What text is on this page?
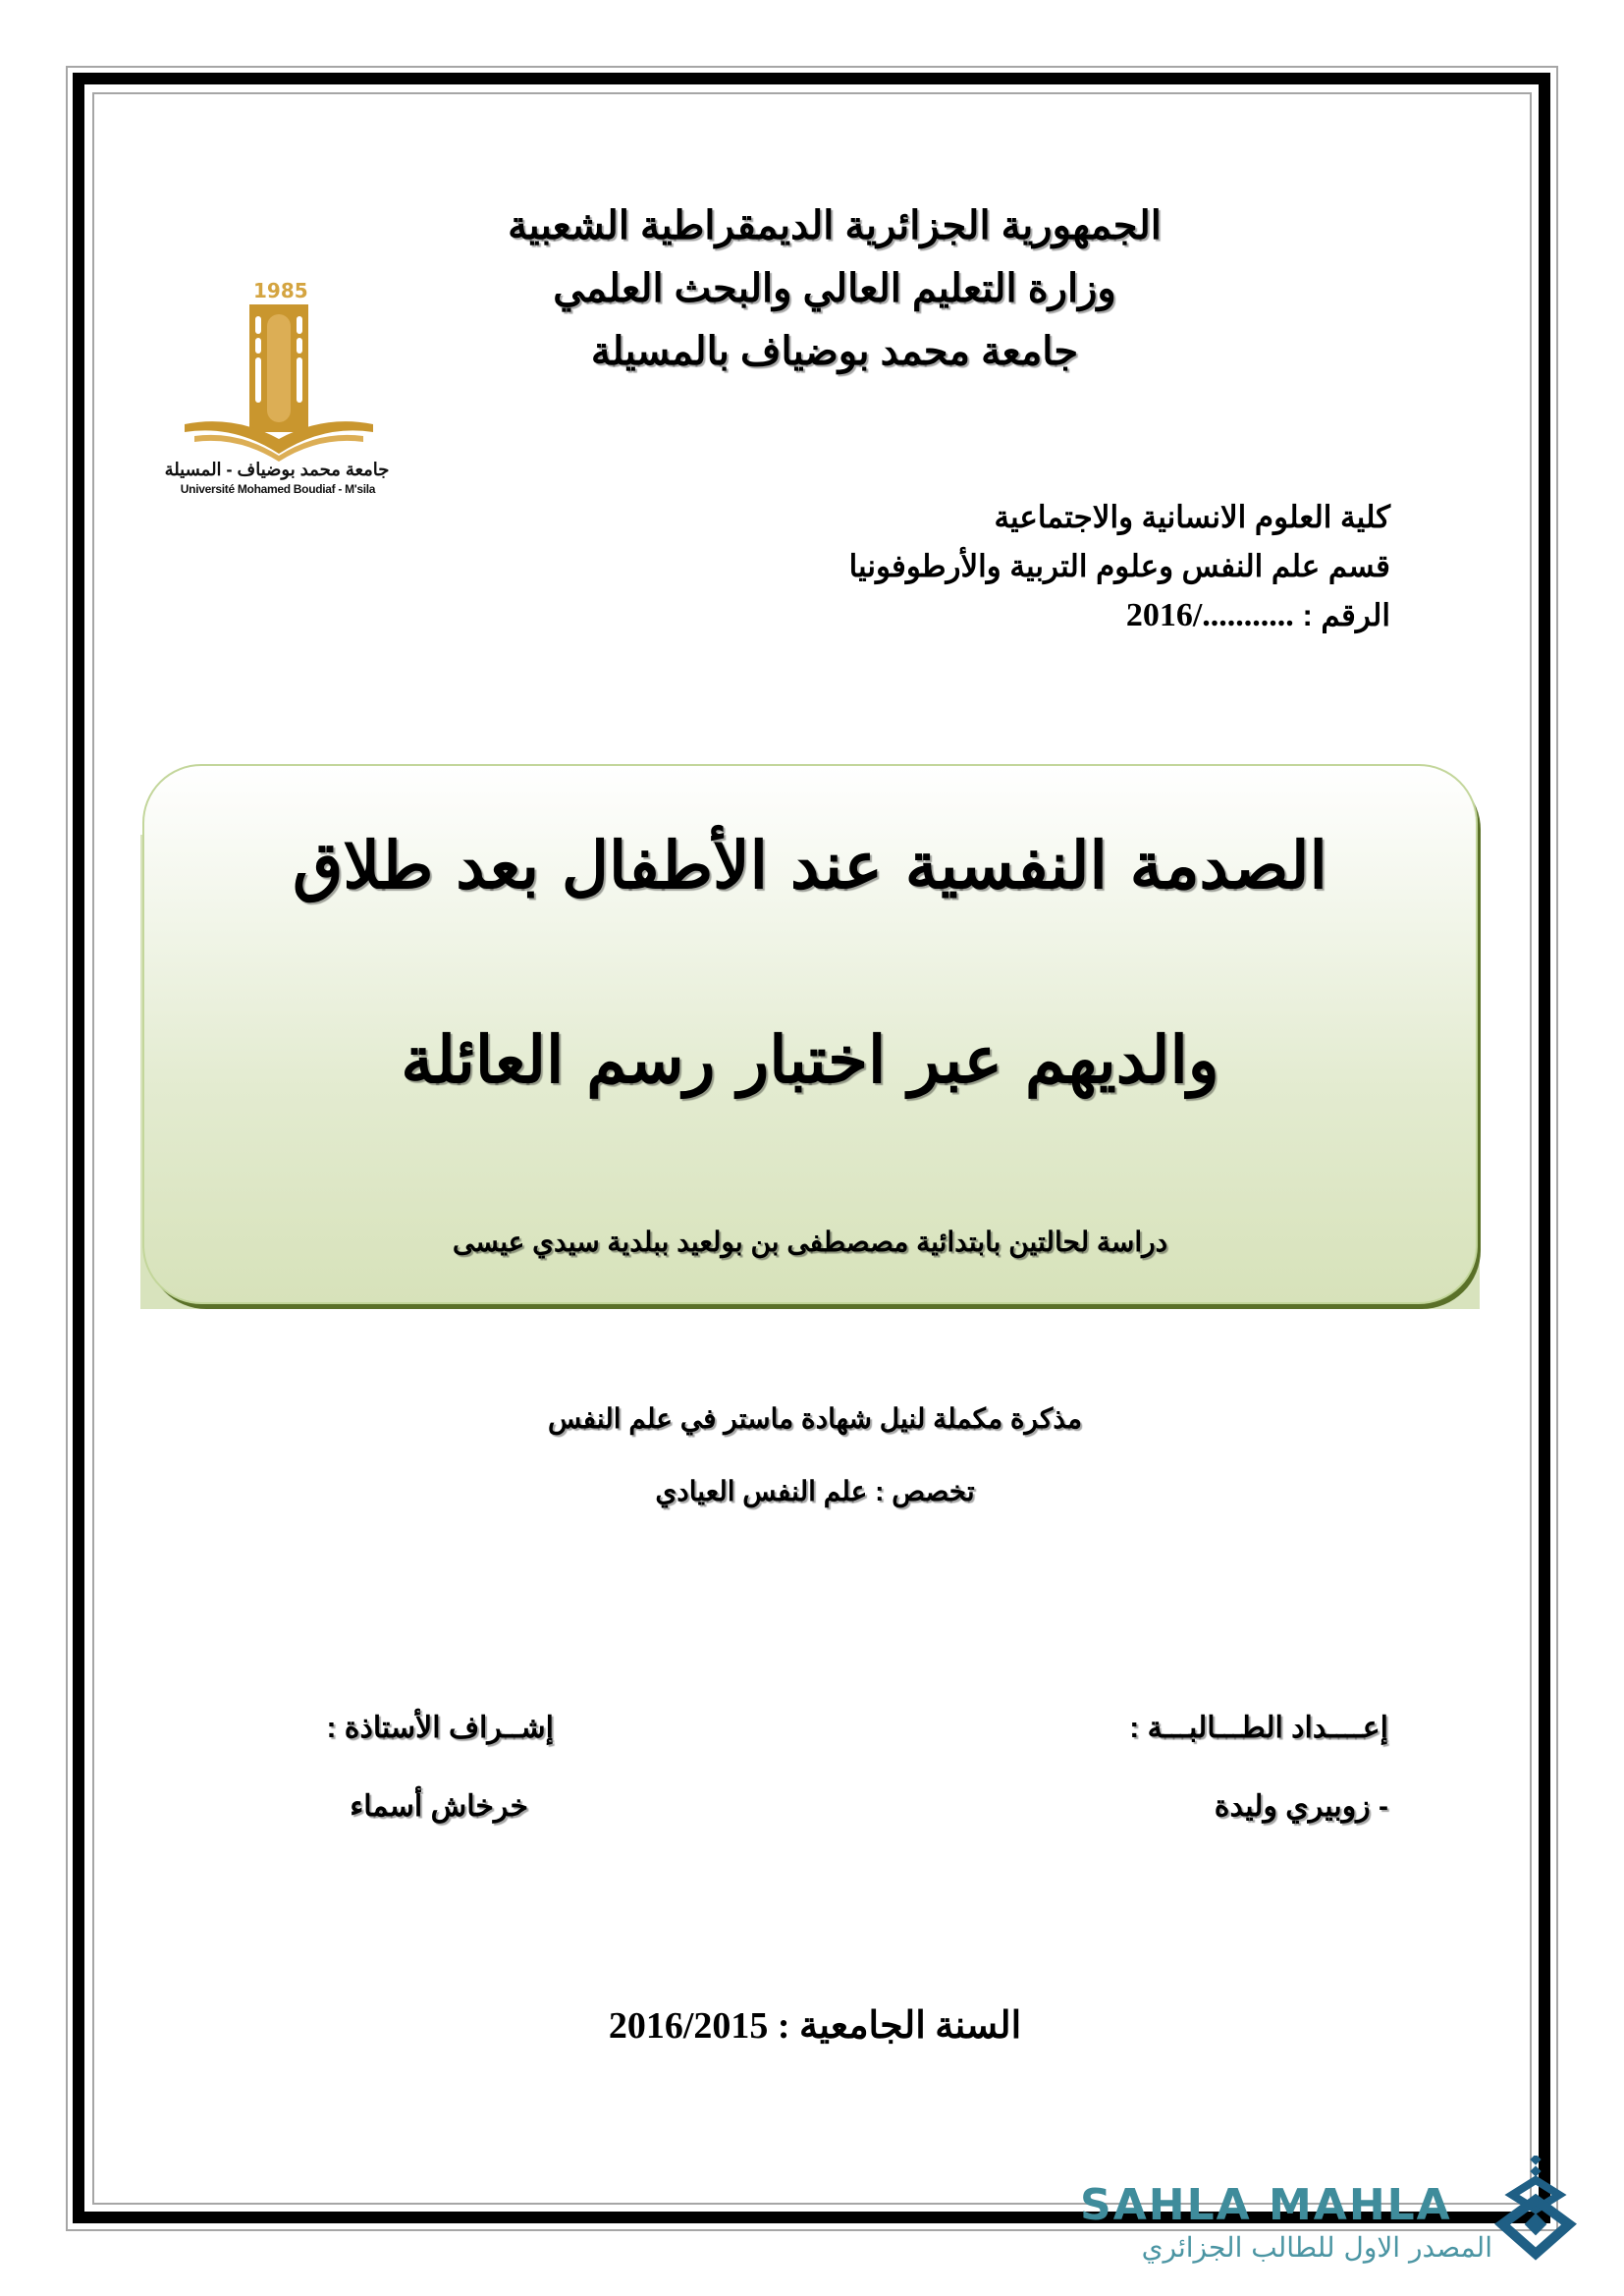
1985
جامعة محمد بوضياف - المسيلة
Université Mohamed Boudiaf - M'sila
الجمهورية الجزائرية الديمقراطية الشعبية
وزارة التعليم العالي والبحث العلمي
جامعة محمد بوضياف بالمسيلة
كلية العلوم الانسانية والاجتماعية
قسم علم النفس وعلوم التربية والأرطوفونيا
الرقم : 2016/...........
الصدمة النفسية عند الأطفال بعد طلاق
والديهم عبر اختبار رسم العائلة
دراسة لحالتين بابتدائية مصصطفى بن بولعيد ببلدية سيدي عيسى
مذكرة مكملة لنيل شهادة ماستر في علم النفس
تخصص : علم النفس العيادي
إعــــداد الطـــالبـــة :
- زوبيري وليدة
إشــراف الأستاذة :
خرخاش أسماء
السنة الجامعية : 2016/2015
SAHLA MAHLA
المصدر الاول للطالب الجزائري
